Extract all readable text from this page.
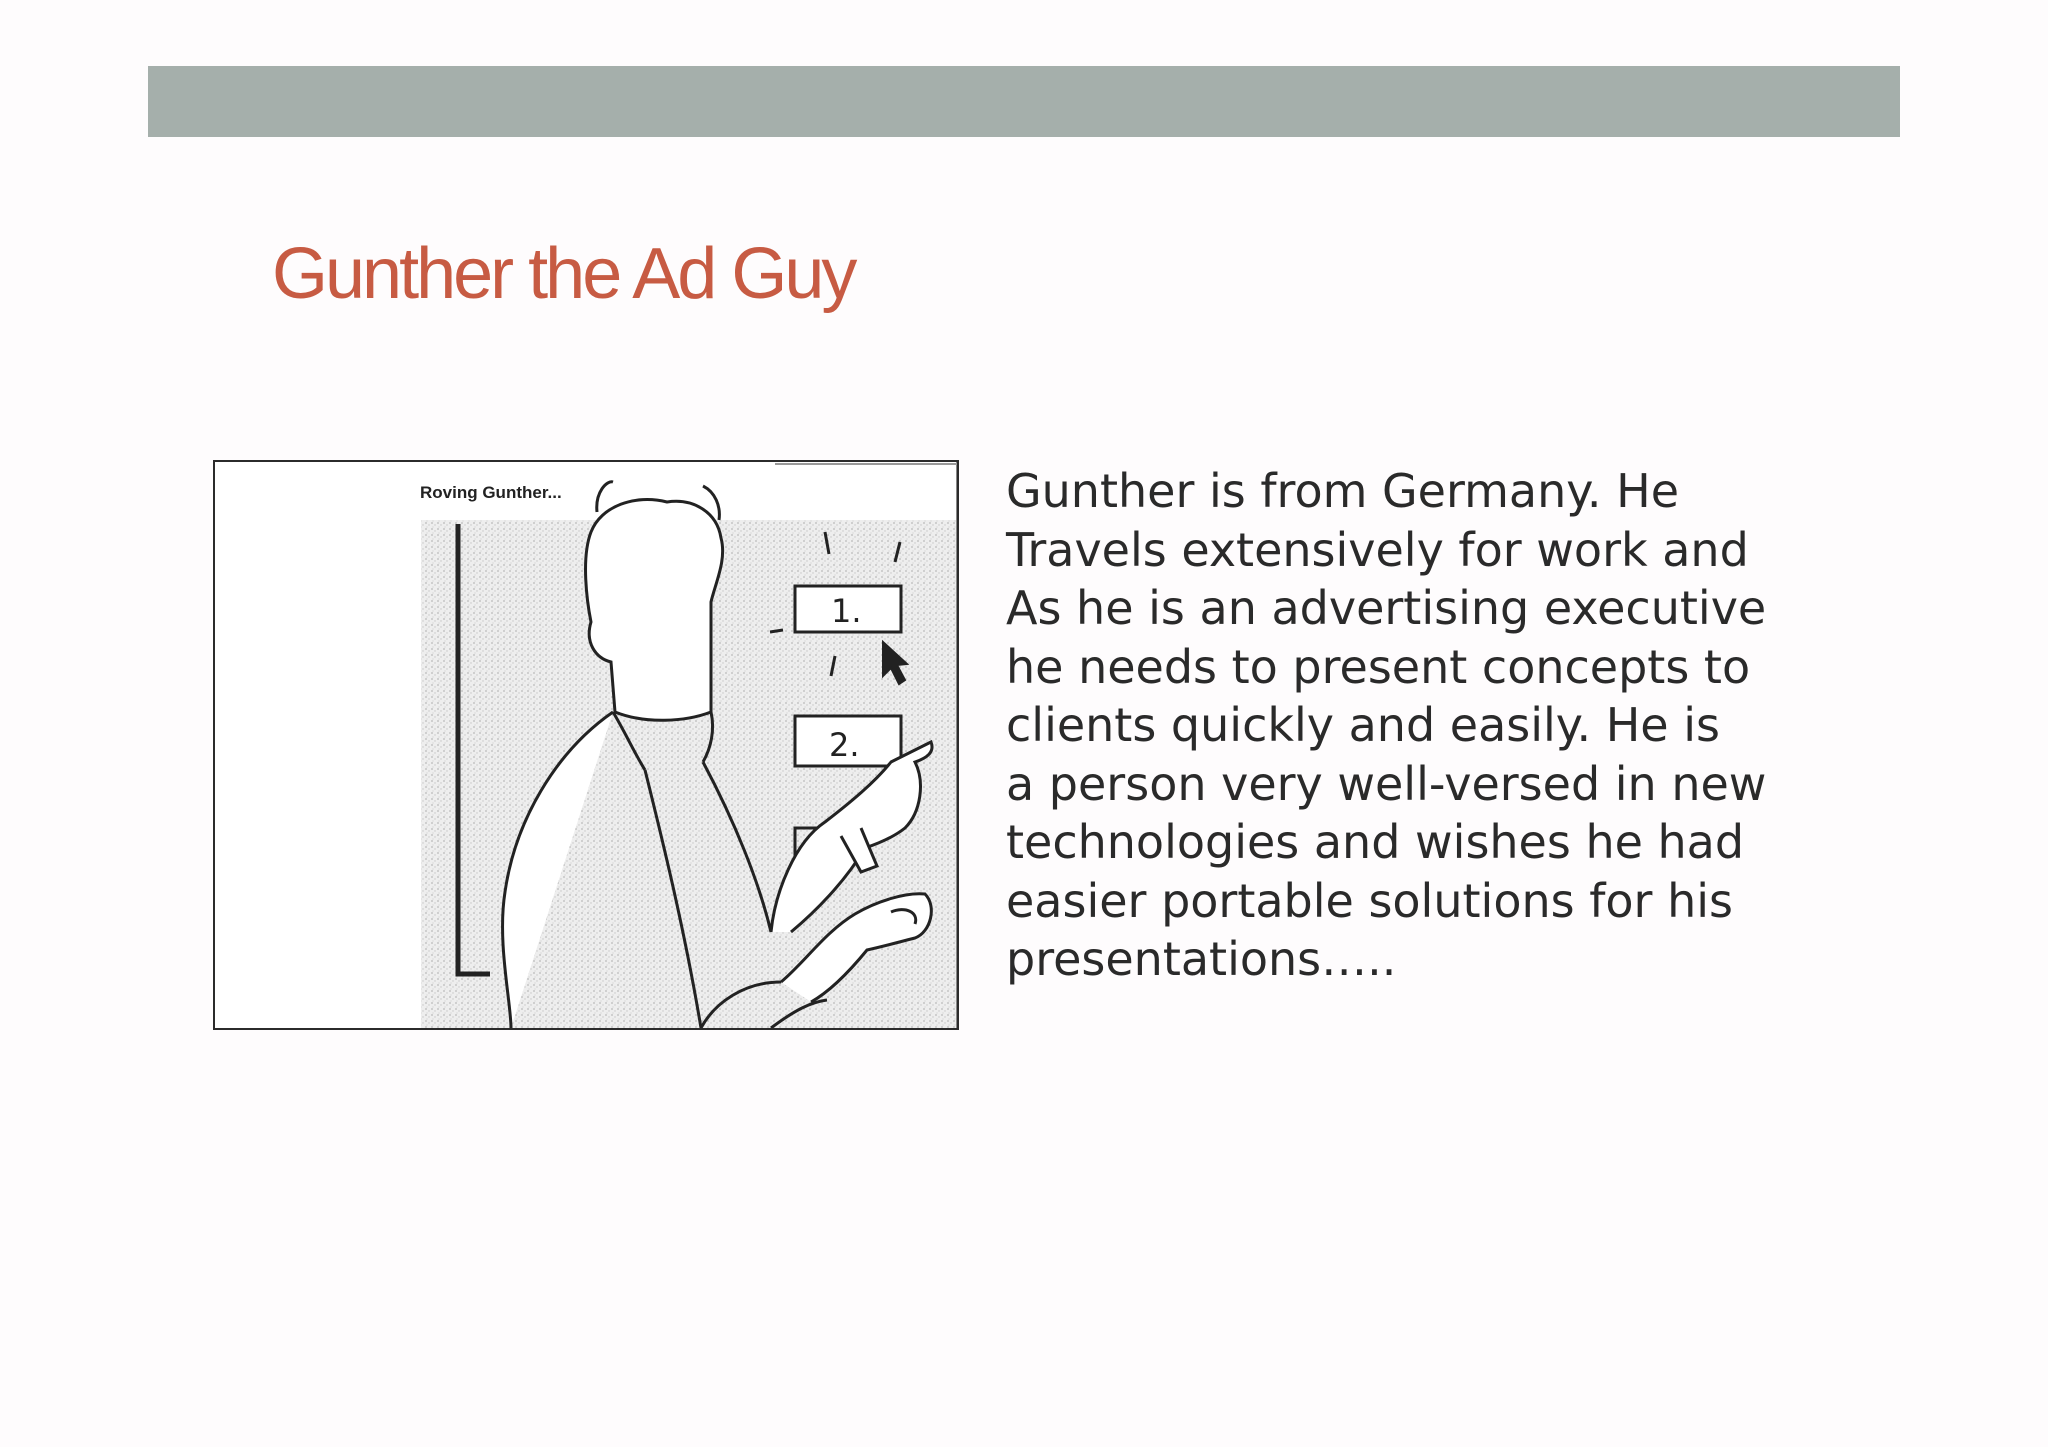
Gunther the Ad Guy
Roving Gunther...
1.
2.

Gunther is from Germany. He
Travels extensively for work and
As he is an advertising executive
he needs to present concepts to
clients quickly and easily. He is
a person very well-versed in new
technologies and wishes he had
easier portable solutions for his
presentations…..
